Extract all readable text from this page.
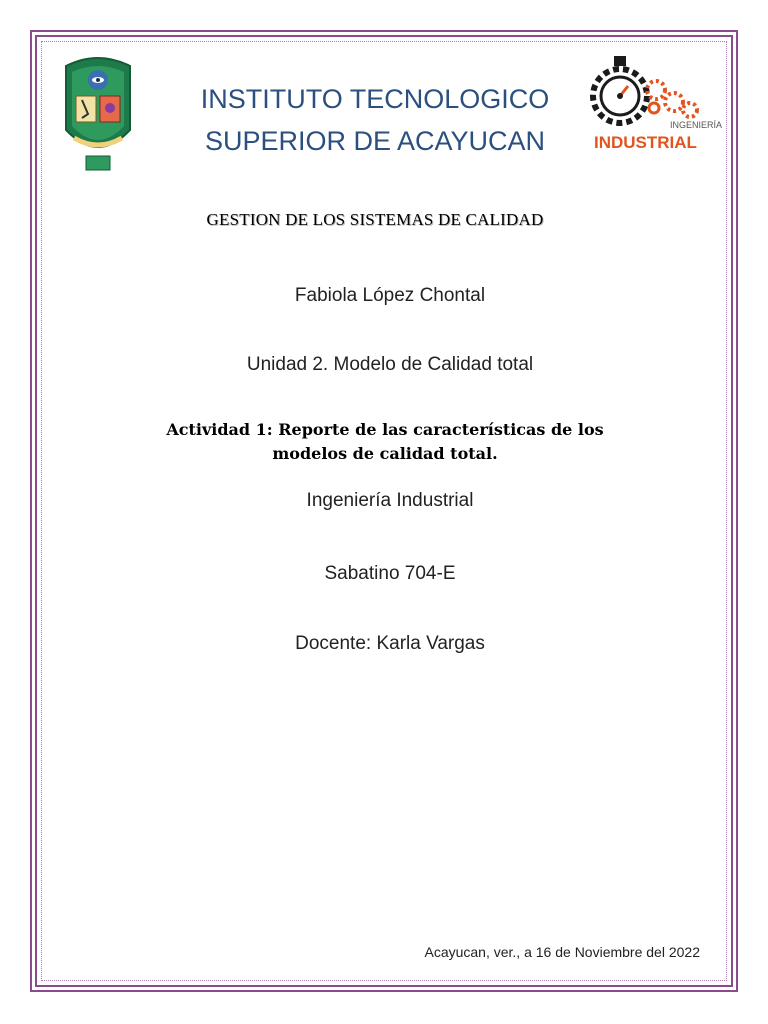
INSTITUTO TECNOLOGICO
SUPERIOR DE ACAYUCAN
INGENIERÍA
INDUSTRIAL
GESTION DE LOS SISTEMAS DE CALIDAD
Fabiola López Chontal
Unidad 2. Modelo de Calidad total
Actividad 1: Reporte de las características de los
modelos de calidad total.
Ingeniería Industrial
Sabatino 704-E
Docente: Karla Vargas
Acayucan, ver., a 16 de Noviembre del 2022
